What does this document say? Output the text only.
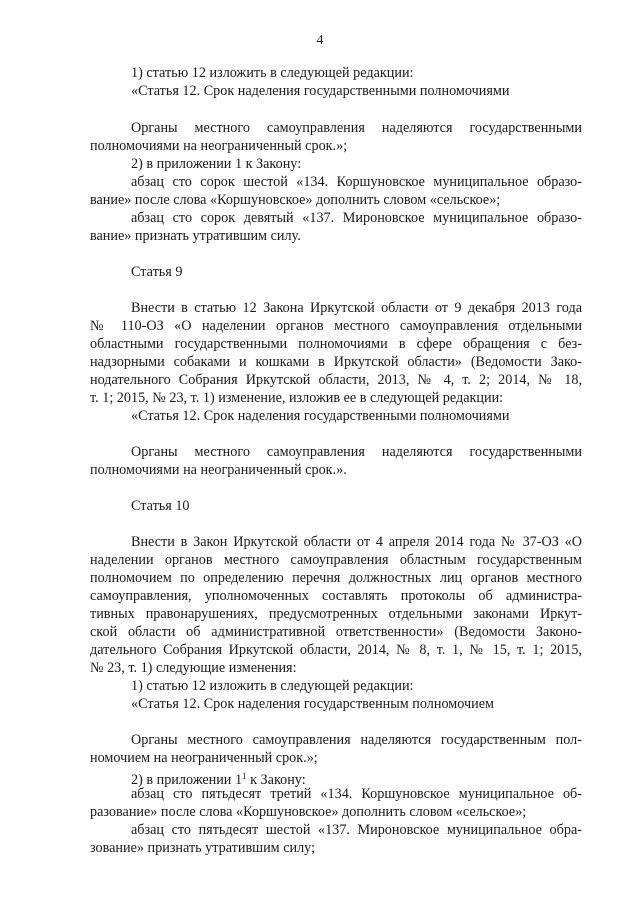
4
1) статью 12 изложить в следующей редакции:
«Статья 12. Срок наделения государственными полномочиями
Органы местного самоуправления наделяются государственными
полномочиями на неограниченный срок.»;
2) в приложении 1 к Закону:
абзац сто сорок шестой «134. Коршуновское муниципальное образо-
вание» после слова «Коршуновское» дополнить словом «сельское»;
абзац сто сорок девятый «137. Мироновское муниципальное образо-
вание» признать утратившим силу.
Статья 9
Внести в статью 12 Закона Иркутской области от 9 декабря 2013 года
№ 110-ОЗ «О наделении органов местного самоуправления отдельными
областными государственными полномочиями в сфере обращения с без-
надзорными собаками и кошками в Иркутской области» (Ведомости Зако-
нодательного Собрания Иркутской области, 2013, № 4, т. 2; 2014, № 18,
т. 1; 2015, № 23, т. 1) изменение, изложив ее в следующей редакции:
«Статья 12. Срок наделения государственными полномочиями
Органы местного самоуправления наделяются государственными
полномочиями на неограниченный срок.».
Статья 10
Внести в Закон Иркутской области от 4 апреля 2014 года № 37-ОЗ «О
наделении органов местного самоуправления областным государственным
полномочием по определению перечня должностных лиц органов местного
самоуправления, уполномоченных составлять протоколы об администра-
тивных правонарушениях, предусмотренных отдельными законами Иркут-
ской области об административной ответственности» (Ведомости Законо-
дательного Собрания Иркутской области, 2014, № 8, т. 1, № 15, т. 1; 2015,
№ 23, т. 1) следующие изменения:
1) статью 12 изложить в следующей редакции:
«Статья 12. Срок наделения государственным полномочием
Органы местного самоуправления наделяются государственным пол-
номочием на неограниченный срок.»;
2) в приложении $1^1$ к Закону:
абзац сто пятьдесят третий «134. Коршуновское муниципальное об-
разование» после слова «Коршуновское» дополнить словом «сельское»;
абзац сто пятьдесят шестой «137. Мироновское муниципальное обра-
зование» признать утратившим силу;
